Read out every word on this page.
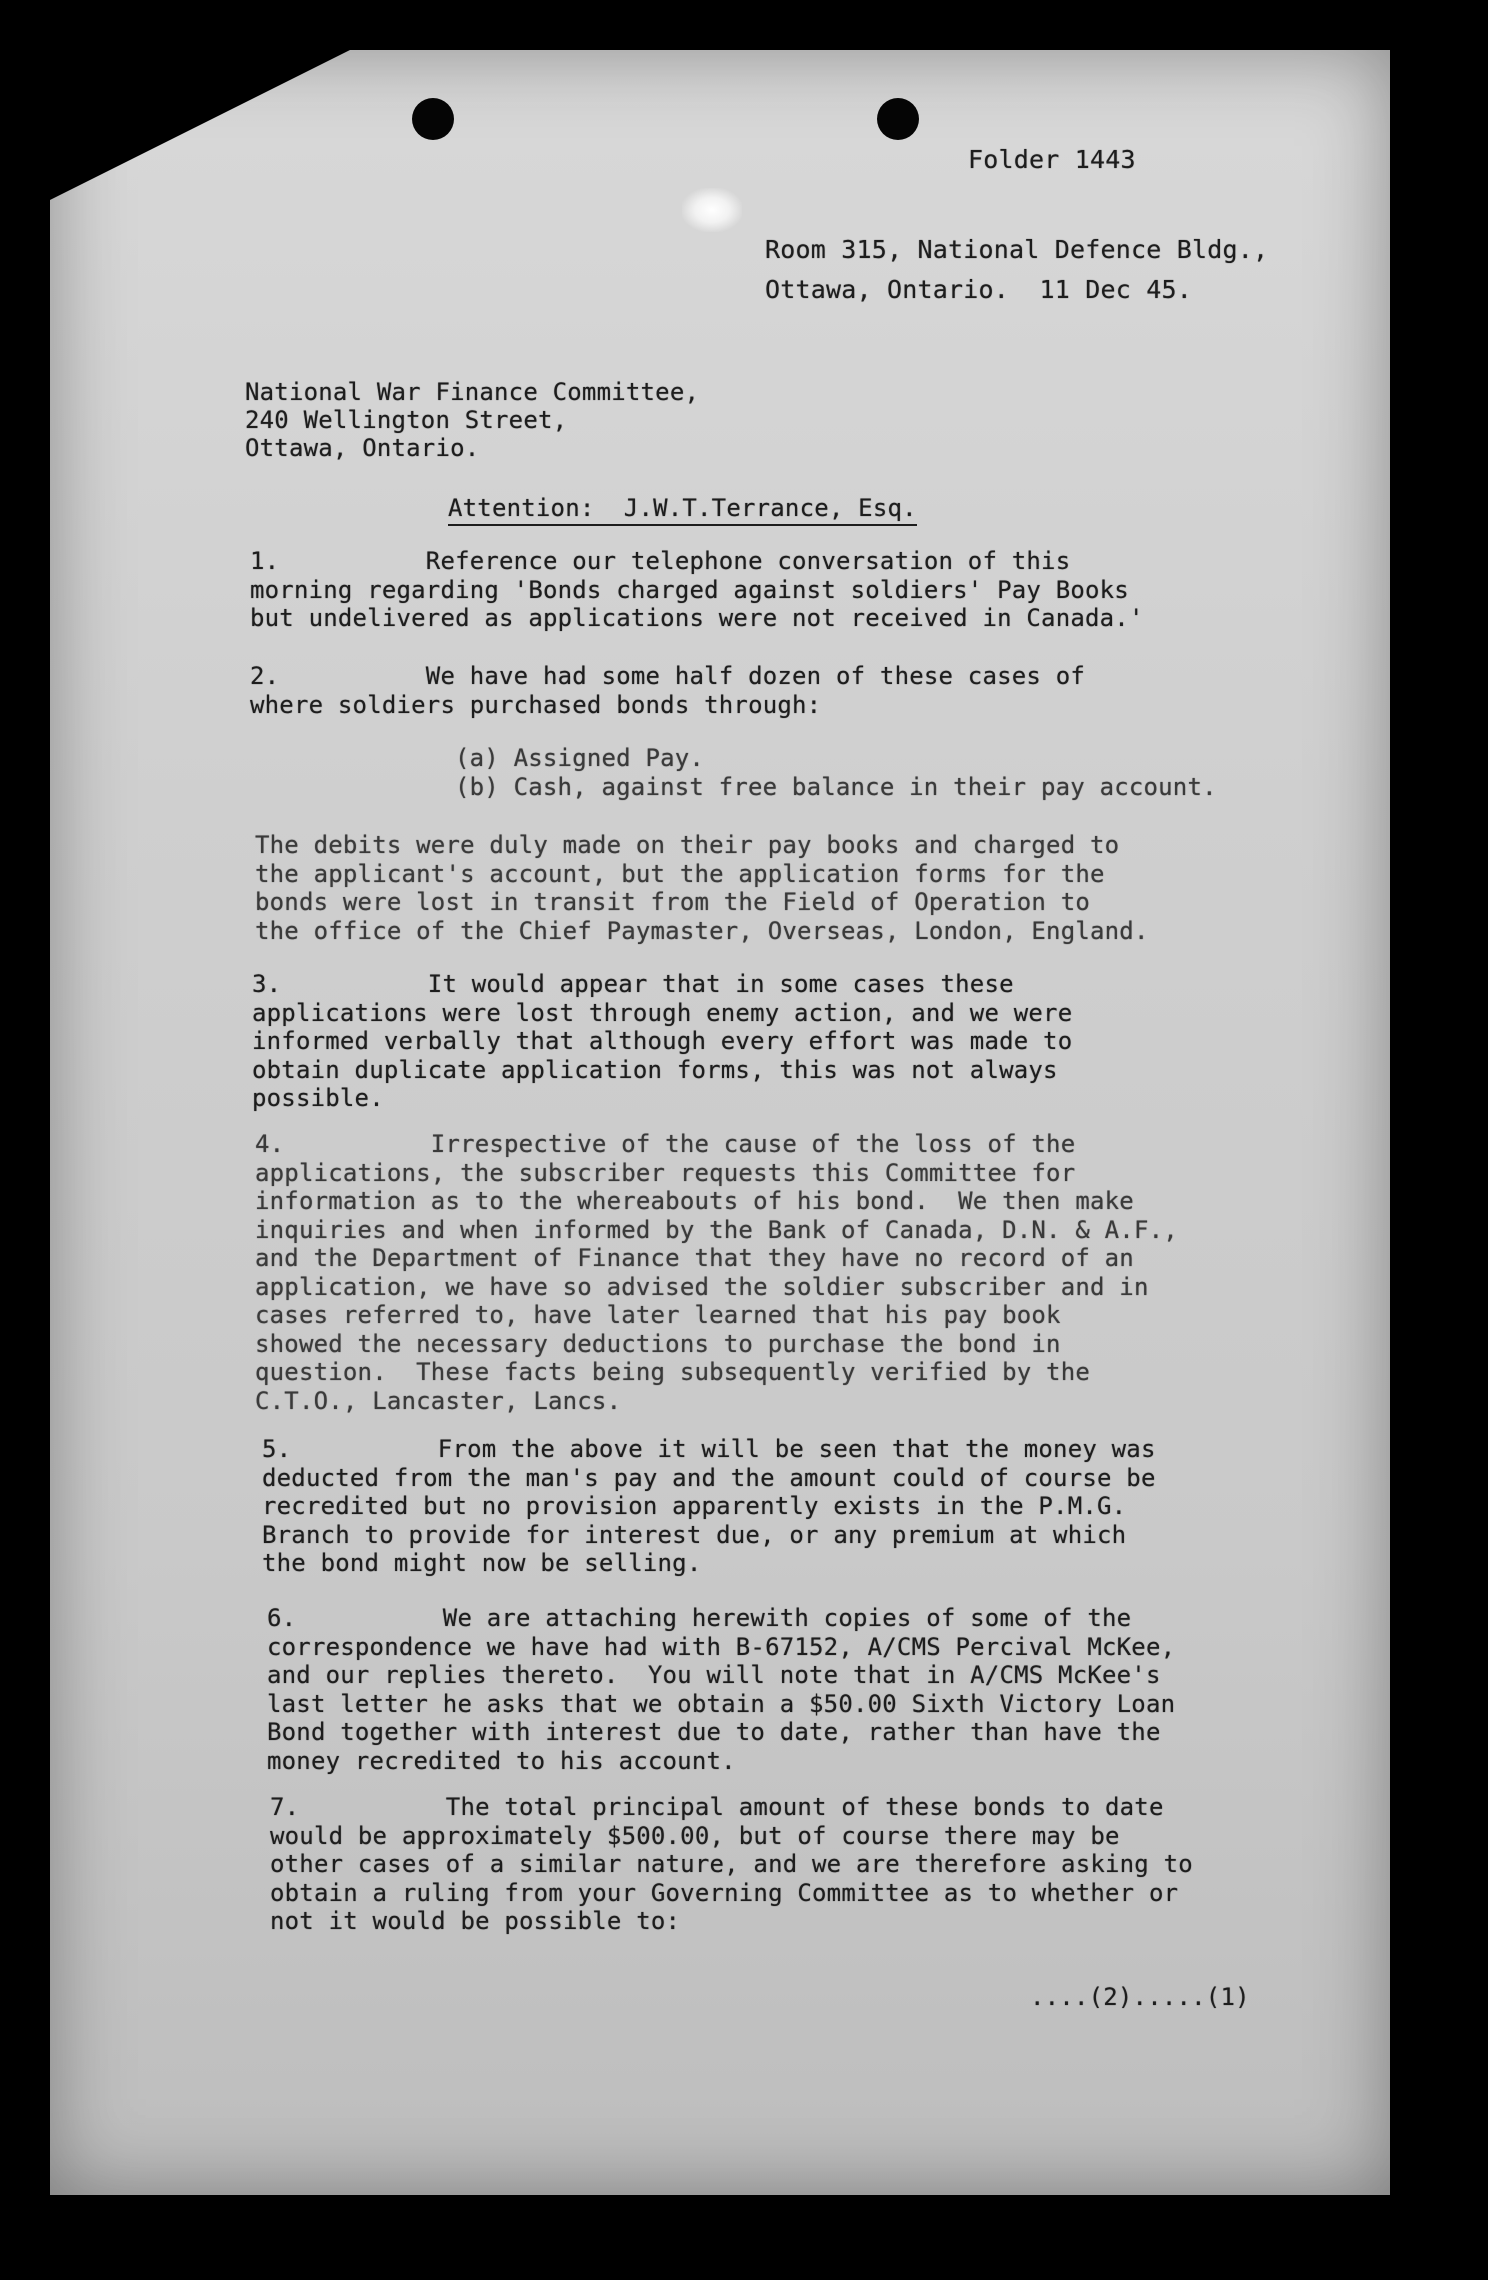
Folder 1443
Room 315, National Defence Bldg.,
Ottawa, Ontario.  11 Dec 45.
National War Finance Committee,
240 Wellington Street,
Ottawa, Ontario.
Attention:  J.W.T.Terrance, Esq.
1.          Reference our telephone conversation of this
morning regarding 'Bonds charged against soldiers' Pay Books
but undelivered as applications were not received in Canada.'
2.          We have had some half dozen of these cases of
where soldiers purchased bonds through:
(a) Assigned Pay.
(b) Cash, against free balance in their pay account.
The debits were duly made on their pay books and charged to
the applicant's account, but the application forms for the
bonds were lost in transit from the Field of Operation to
the office of the Chief Paymaster, Overseas, London, England.
3.          It would appear that in some cases these
applications were lost through enemy action, and we were
informed verbally that although every effort was made to
obtain duplicate application forms, this was not always
possible.
4.          Irrespective of the cause of the loss of the
applications, the subscriber requests this Committee for
information as to the whereabouts of his bond.  We then make
inquiries and when informed by the Bank of Canada, D.N. & A.F.,
and the Department of Finance that they have no record of an
application, we have so advised the soldier subscriber and in
cases referred to, have later learned that his pay book
showed the necessary deductions to purchase the bond in
question.  These facts being subsequently verified by the
C.T.O., Lancaster, Lancs.
5.          From the above it will be seen that the money was
deducted from the man's pay and the amount could of course be
recredited but no provision apparently exists in the P.M.G.
Branch to provide for interest due, or any premium at which
the bond might now be selling.
6.          We are attaching herewith copies of some of the
correspondence we have had with B-67152, A/CMS Percival McKee,
and our replies thereto.  You will note that in A/CMS McKee's
last letter he asks that we obtain a $50.00 Sixth Victory Loan
Bond together with interest due to date, rather than have the
money recredited to his account.
7.          The total principal amount of these bonds to date
would be approximately $500.00, but of course there may be
other cases of a similar nature, and we are therefore asking to
obtain a ruling from your Governing Committee as to whether or
not it would be possible to:
....(2).....(1)
